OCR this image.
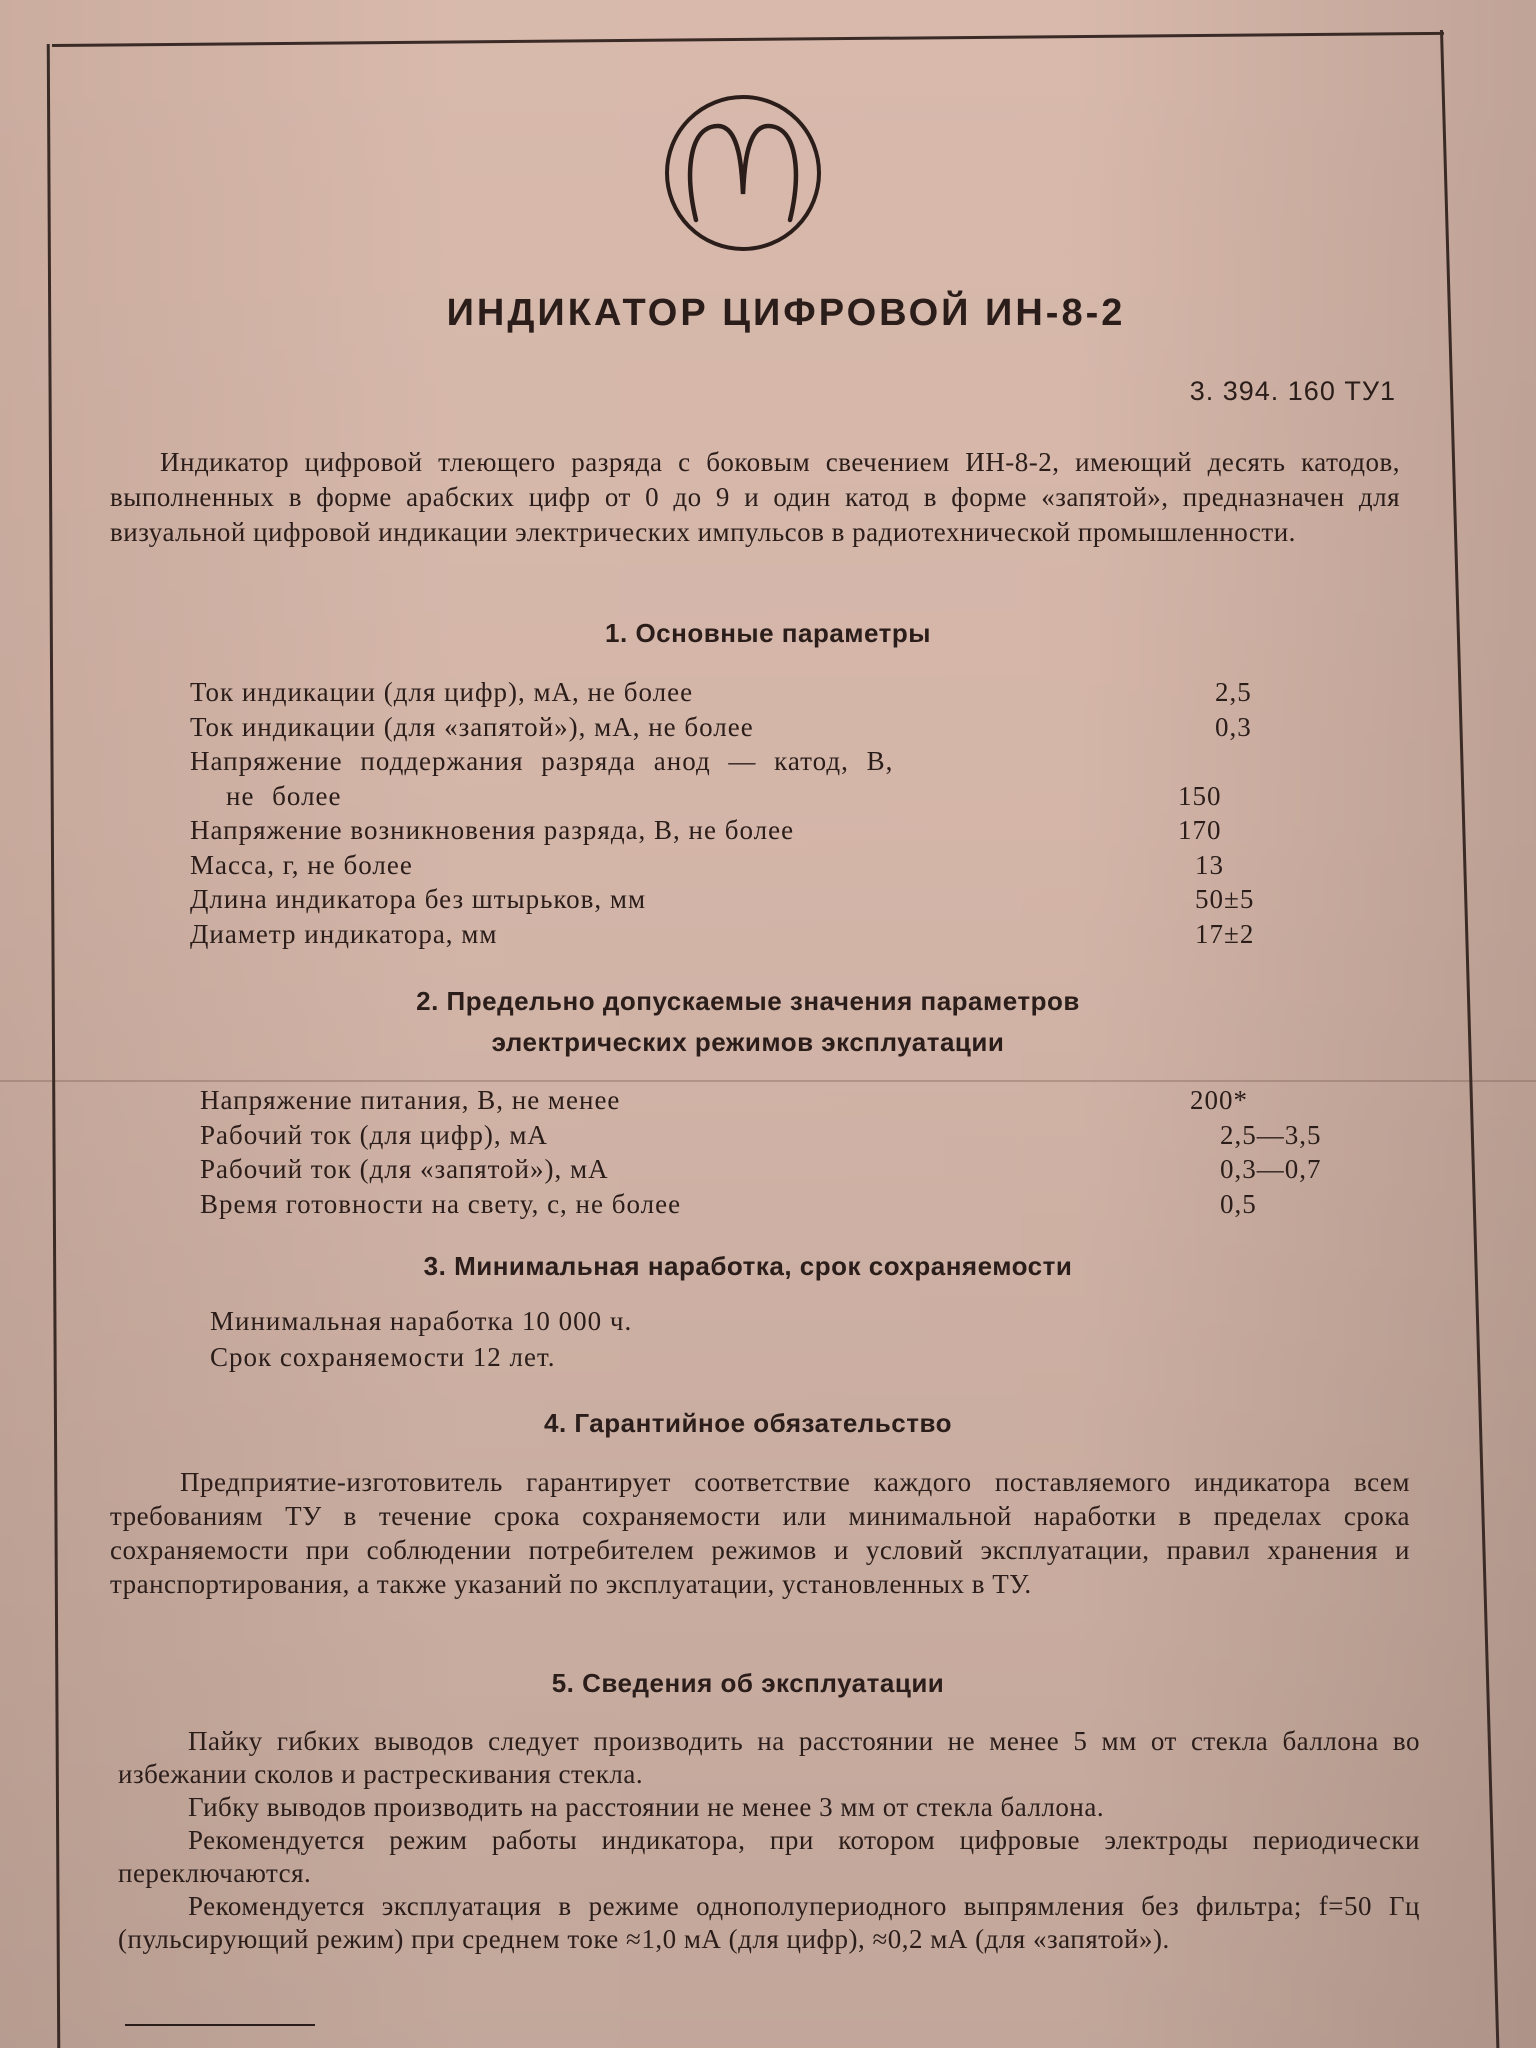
ИНДИКАТОР ЦИФРОВОЙ ИН-8-2
3. 394. 160 ТУ1
Индикатор цифровой тлеющего разряда с боковым свечением ИН-8-2, имеющий десять катодов, выполненных в форме арабских цифр от 0 до 9 и один катод в форме «запятой», предназначен для визуальной цифровой индикации электрических импульсов в радиотехнической промышленности.
1. Основные параметры
Ток индикации (для цифр), мА, не более	2,5
Ток индикации (для «запятой»), мА, не более	0,3
Напряжение поддержания разряда анод — катод, В,
не более	150
Напряжение возникновения разряда, В, не более	170
Масса, г, не более	13
Длина индикатора без штырьков, мм	50±5
Диаметр индикатора, мм	17±2
2. Предельно допускаемые значения параметров
электрических режимов эксплуатации
Напряжение питания, В, не менее	200*
Рабочий ток (для цифр), мА	2,5—3,5
Рабочий ток (для «запятой»), мА	0,3—0,7
Время готовности на свету, с, не более	0,5
3. Минимальная наработка, срок сохраняемости
Минимальная наработка 10 000 ч.
Срок сохраняемости 12 лет.
4. Гарантийное обязательство
Предприятие-изготовитель гарантирует соответствие каждого поставляемого индикатора всем требованиям ТУ в течение срока сохраняемости или минимальной наработки в пределах срока сохраняемости при соблюдении потребителем режимов и условий эксплуатации, правил хранения и транспортирования, а также указаний по эксплуатации, установленных в ТУ.
5. Сведения об эксплуатации

Пайку гибких выводов следует производить на расстоянии не менее 5 мм от стекла баллона во избежании сколов и растрескивания стекла.

Гибку выводов производить на расстоянии не менее 3 мм от стекла баллона.

Рекомендуется режим работы индикатора, при котором цифровые электроды периодически переключаются.

Рекомендуется эксплуатация в режиме однополупериодного выпрямления без фильтра; f=50 Гц (пульсирующий режим) при среднем токе ≈1,0 мА (для цифр), ≈0,2 мА (для «запятой»).
